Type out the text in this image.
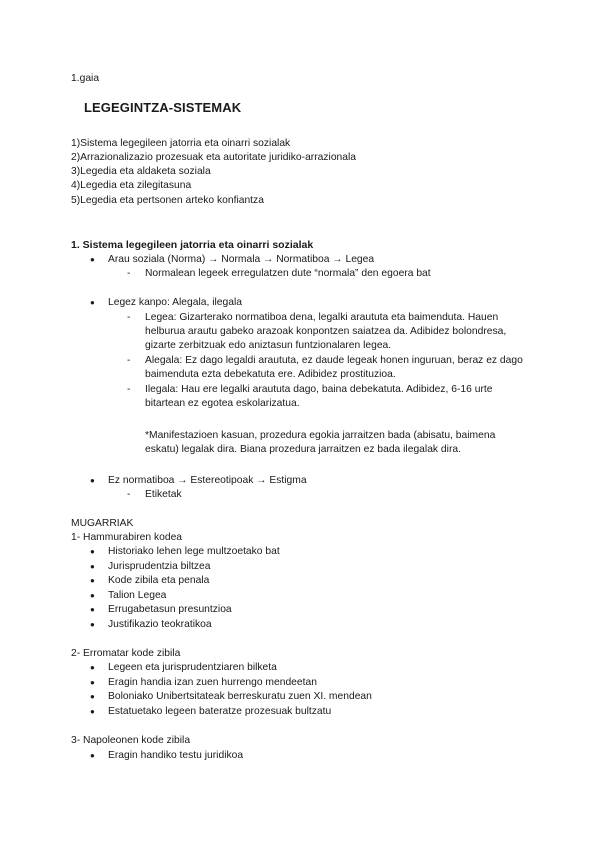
1.gaia
LEGEGINTZA-SISTEMAK
1)Sistema legegileen jatorria eta oinarri sozialak
2)Arrazionalizazio prozesuak eta autoritate juridiko-arrazionala
3)Legedia eta aldaketa soziala
4)Legedia eta zilegitasuna
5)Legedia eta pertsonen arteko konfiantza
1. Sistema legegileen jatorria eta oinarri sozialak
● Arau soziala (Norma) → Normala → Normatiboa → Legea
- Normalean legeek erregulatzen dute “normala” den egoera bat
● Legez kanpo: Alegala, ilegala
- Legea: Gizarterako normatiboa dena, legalki araututa eta baimenduta. Hauen helburua arautu gabeko arazoak konpontzen saiatzea da. Adibidez bolondresa, gizarte zerbitzuak edo aniztasun funtzionalaren legea.
- Alegala: Ez dago legaldi araututa, ez daude legeak honen inguruan, beraz ez dago baimenduta ezta debekatuta ere. Adibidez prostituzioa.
- Ilegala: Hau ere legalki araututa dago, baina debekatuta. Adibidez, 6-16 urte bitartean ez egotea eskolarizatua.
*Manifestazioen kasuan, prozedura egokia jarraitzen bada (abisatu, baimena eskatu) legalak dira. Biana prozedura jarraitzen ez bada ilegalak dira.
● Ez normatiboa → Estereotipoak → Estigma
- Etiketak
MUGARRIAK
1- Hammurabiren kodea
● Historiako lehen lege multzoetako bat
● Jurisprudentzia biltzea
● Kode zibila eta penala
● Talion Legea
● Errugabetasun presuntzioa
● Justifikazio teokratikoa
2- Erromatar kode zibila
● Legeen eta jurisprudentziaren bilketa
● Eragin handia izan zuen hurrengo mendeetan
● Boloniako Unibertsitateak berreskuratu zuen XI. mendean
● Estatuetako legeen bateratze prozesuak bultzatu
3- Napoleonen kode zibila
● Eragin handiko testu juridikoa
